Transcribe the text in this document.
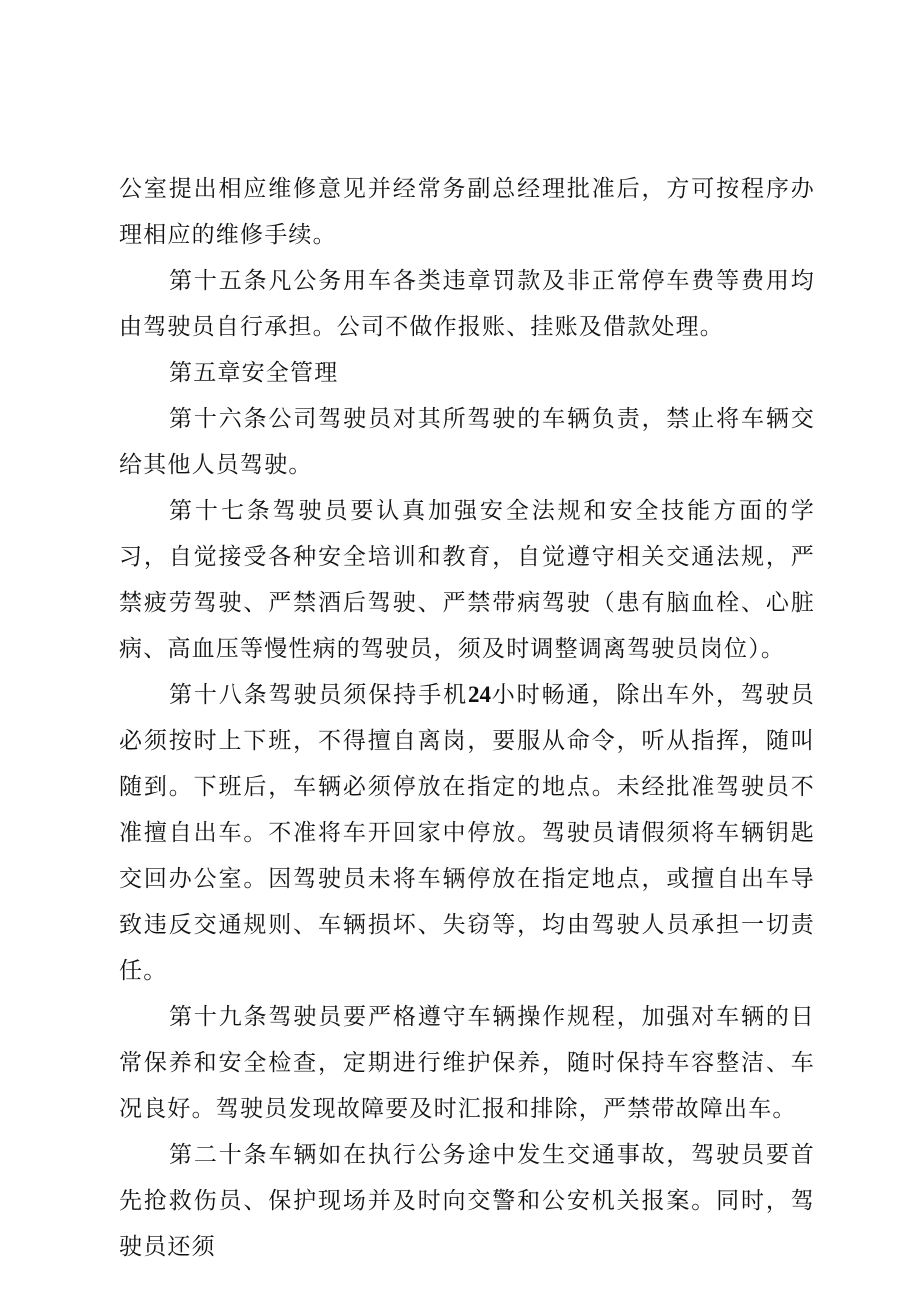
公室提出相应维修意见并经常务副总经理批准后，方可按程序办理相应的维修手续。

第十五条凡公务用车各类违章罚款及非正常停车费等费用均由驾驶员自行承担。公司不做作报账、挂账及借款处理。

第五章安全管理

第十六条公司驾驶员对其所驾驶的车辆负责，禁止将车辆交给其他人员驾驶。

第十七条驾驶员要认真加强安全法规和安全技能方面的学习，自觉接受各种安全培训和教育，自觉遵守相关交通法规，严禁疲劳驾驶、严禁酒后驾驶、严禁带病驾驶（患有脑血栓、心脏病、高血压等慢性病的驾驶员，须及时调整调离驾驶员岗位）。

第十八条驾驶员须保持手机24小时畅通，除出车外，驾驶员必须按时上下班，不得擅自离岗，要服从命令，听从指挥，随叫随到。下班后，车辆必须停放在指定的地点。未经批准驾驶员不准擅自出车。不准将车开回家中停放。驾驶员请假须将车辆钥匙交回办公室。因驾驶员未将车辆停放在指定地点，或擅自出车导致违反交通规则、车辆损坏、失窃等，均由驾驶人员承担一切责任。

第十九条驾驶员要严格遵守车辆操作规程，加强对车辆的日常保养和安全检查，定期进行维护保养，随时保持车容整洁、车况良好。驾驶员发现故障要及时汇报和排除，严禁带故障出车。

第二十条车辆如在执行公务途中发生交通事故，驾驶员要首先抢救伤员、保护现场并及时向交警和公安机关报案。同时，驾驶员还须
